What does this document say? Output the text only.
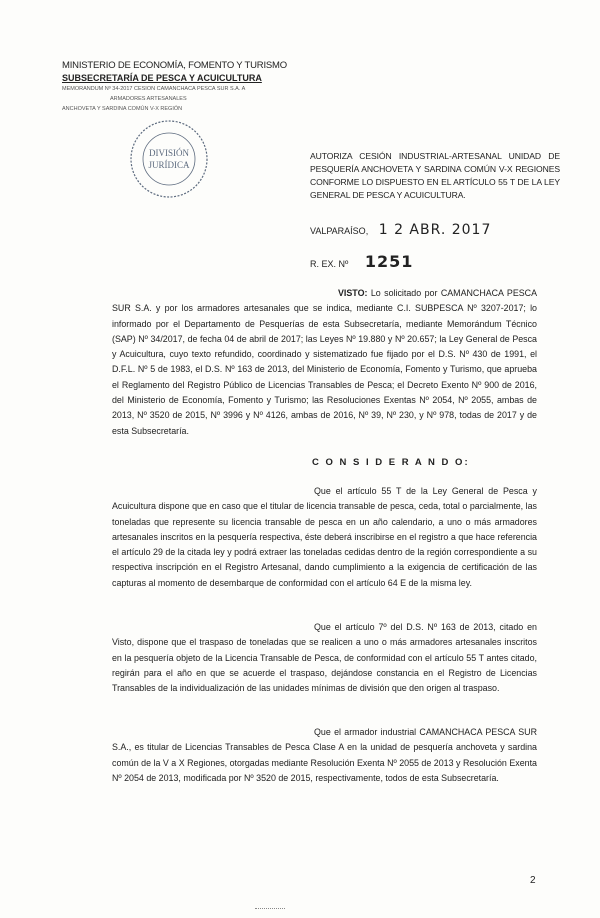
MINISTERIO DE ECONOMÍA, FOMENTO Y TURISMO
SUBSECRETARÍA DE PESCA Y ACUICULTURA
MEMORANDUM Nº 34-2017 CESION CAMANCHACA PESCA SUR S.A. A
ARMADORES ARTESANALES
ANCHOVETA Y SARDINA COMÚN V-X REGIÓN
DIVISIÓN
JURÍDICA
AUTORIZA CESIÓN INDUSTRIAL-ARTESANAL UNIDAD DE PESQUERÍA ANCHOVETA Y SARDINA COMÚN V-X REGIONES CONFORME LO DISPUESTO EN EL ARTÍCULO 55 T DE LA LEY GENERAL DE PESCA Y ACUICULTURA.
VALPARAÍSO, 1 2 ABR. 2017
R. EX. Nº 1251
VISTO: Lo solicitado por CAMANCHACA PESCA SUR S.A. y por los armadores artesanales que se indica, mediante C.I. SUBPESCA Nº 3207-2017; lo informado por el Departamento de Pesquerías de esta Subsecretaría, mediante Memorándum Técnico (SAP) Nº 34/2017, de fecha 04 de abril de 2017; las Leyes Nº 19.880 y Nº 20.657; la Ley General de Pesca y Acuicultura, cuyo texto refundido, coordinado y sistematizado fue fijado por el D.S. Nº 430 de 1991, el D.F.L. Nº 5 de 1983, el D.S. Nº 163 de 2013, del Ministerio de Economía, Fomento y Turismo, que aprueba el Reglamento del Registro Público de Licencias Transables de Pesca; el Decreto Exento Nº 900 de 2016, del Ministerio de Economía, Fomento y Turismo; las Resoluciones Exentas Nº 2054, Nº 2055, ambas de 2013, Nº 3520 de 2015, Nº 3996 y Nº 4126, ambas de 2016, Nº 39, Nº 230, y Nº 978, todas de 2017 y de esta Subsecretaría.
C O N S I D E R A N D O:
Que el artículo 55 T de la Ley General de Pesca y Acuicultura dispone que en caso que el titular de licencia transable de pesca, ceda, total o parcialmente, las toneladas que represente su licencia transable de pesca en un año calendario, a uno o más armadores artesanales inscritos en la pesquería respectiva, éste deberá inscribirse en el registro a que hace referencia el artículo 29 de la citada ley y podrá extraer las toneladas cedidas dentro de la región correspondiente a su respectiva inscripción en el Registro Artesanal, dando cumplimiento a la exigencia de certificación de las capturas al momento de desembarque de conformidad con el artículo 64 E de la misma ley.
Que el artículo 7º del D.S. Nº 163 de 2013, citado en Visto, dispone que el traspaso de toneladas que se realicen a uno o más armadores artesanales inscritos en la pesquería objeto de la Licencia Transable de Pesca, de conformidad con el artículo 55 T antes citado, regirán para el año en que se acuerde el traspaso, dejándose constancia en el Registro de Licencias Transables de la individualización de las unidades mínimas de división que den origen al traspaso.
Que el armador industrial CAMANCHACA PESCA SUR S.A., es titular de Licencias Transables de Pesca Clase A en la unidad de pesquería anchoveta y sardina común de la V a X Regiones, otorgadas mediante Resolución Exenta Nº 2055 de 2013 y Resolución Exenta Nº 2054 de 2013, modificada por Nº 3520 de 2015, respectivamente, todos de esta Subsecretaría.
2
